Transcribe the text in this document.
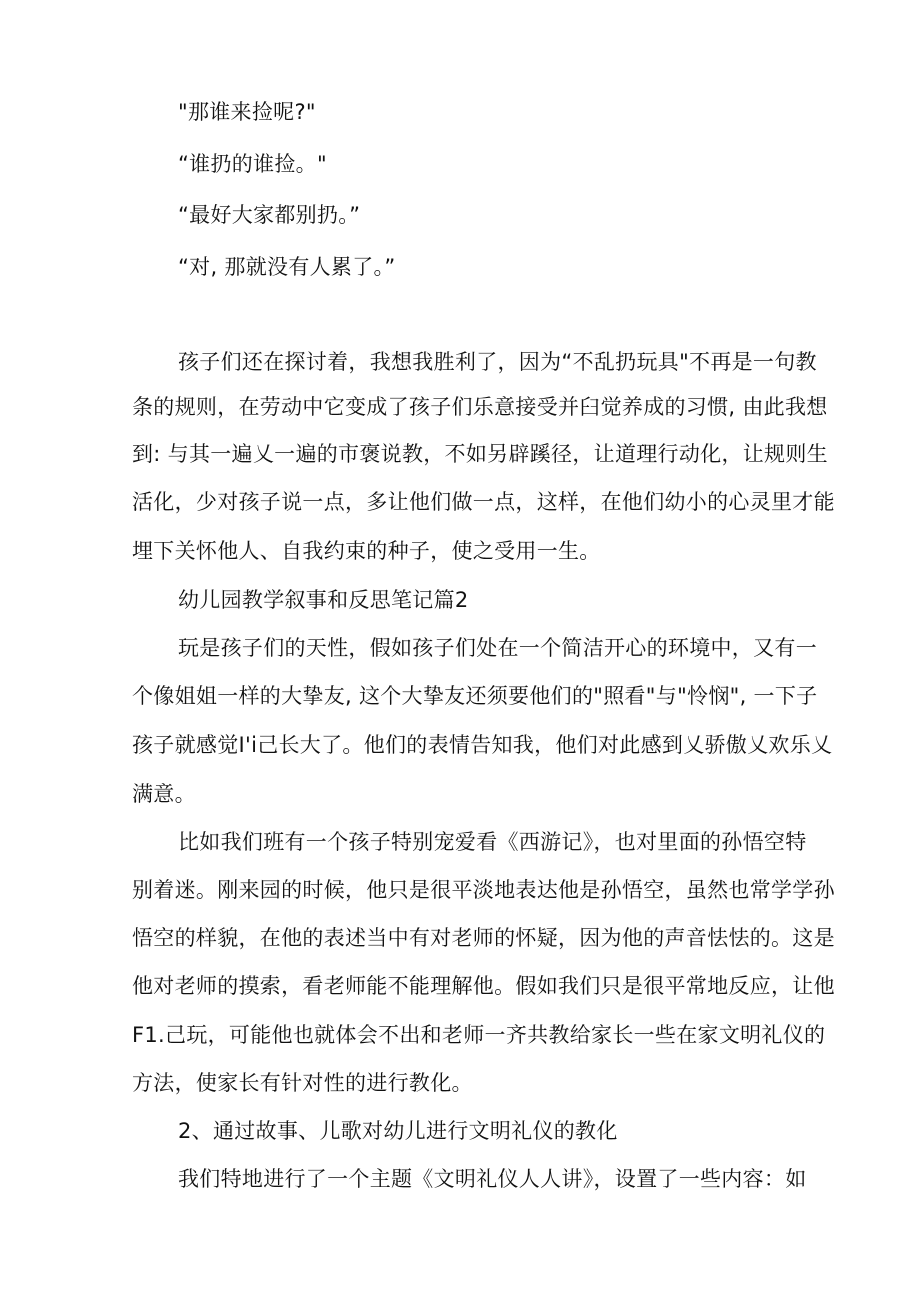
"那谁来捡呢?"
“谁扔的谁捡。"
“最好大家都别扔。”
“对, 那就没有人累了。”
孩子们还在探讨着，我想我胜利了，因为“不乱扔玩具"不再是一句教
条的规则，在劳动中它变成了孩子们乐意接受并臼觉养成的习惯, 由此我想
到: 与其一遍乂一遍的市褒说教，不如另辟蹊径，让道理行动化，让规则生
活化，少对孩子说一点，多让他们做一点，这样，在他们幼小的心灵里才能
埋下关怀他人、自我约束的种子，使之受用一生。
幼儿园教学叙事和反思笔记篇2
玩是孩子们的天性，假如孩子们处在一个简洁开心的环境中，又有一
个像姐姐一样的大挚友, 这个大挚友还须要他们的"照看"与"怜悯", 一下子
孩子就感觉I'i己长大了。他们的表情告知我，他们对此感到乂骄傲乂欢乐乂
满意。
比如我们班有一个孩子特别宠爱看《西游记》，也对里面的孙悟空特
别着迷。刚来园的时候，他只是很平淡地表达他是孙悟空，虽然也常学学孙
悟空的样貌，在他的表述当中有对老师的怀疑，因为他的声音怯怯的。这是
他对老师的摸索，看老师能不能理解他。假如我们只是很平常地反应，让他
F1.己玩，可能他也就体会不出和老师一齐共教给家长一些在家文明礼仪的
方法，使家长有针对性的进行教化。
2、通过故事、儿歌对幼儿进行文明礼仪的教化
我们特地进行了一个主题《文明礼仪人人讲》，设置了一些内容：如
